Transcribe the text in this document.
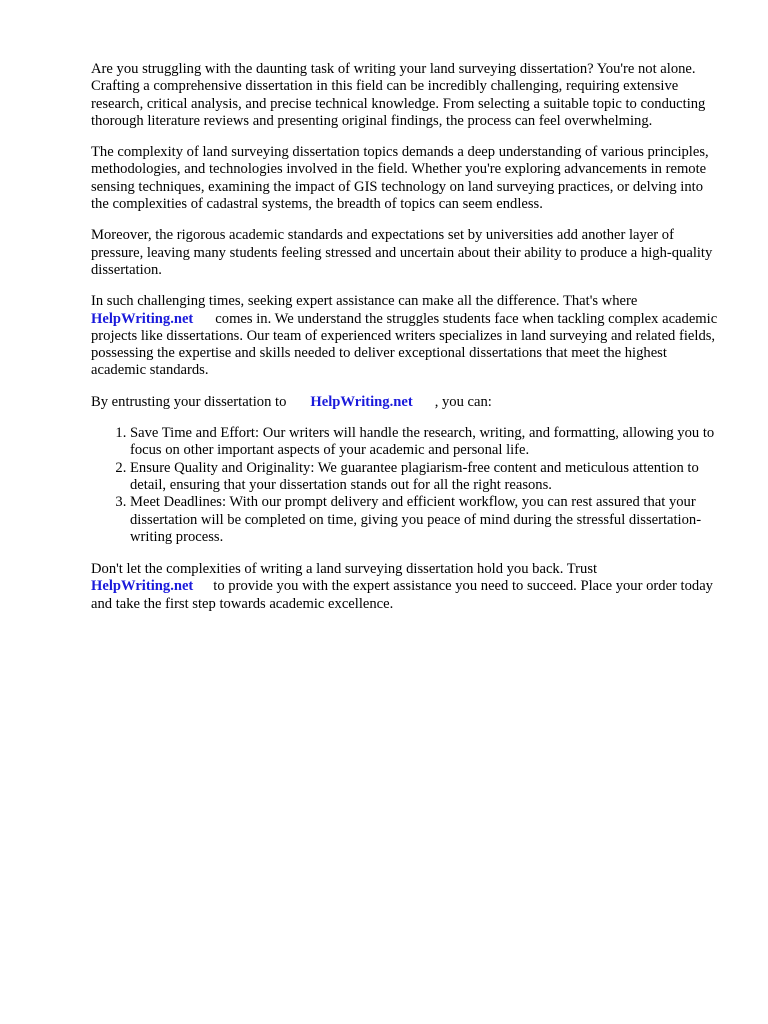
Are you struggling with the daunting task of writing your land surveying dissertation? You're not alone. Crafting a comprehensive dissertation in this field can be incredibly challenging, requiring extensive research, critical analysis, and precise technical knowledge. From selecting a suitable topic to conducting thorough literature reviews and presenting original findings, the process can feel overwhelming.

The complexity of land surveying dissertation topics demands a deep understanding of various principles, methodologies, and technologies involved in the field. Whether you're exploring advancements in remote sensing techniques, examining the impact of GIS technology on land surveying practices, or delving into the complexities of cadastral systems, the breadth of topics can seem endless.

Moreover, the rigorous academic standards and expectations set by universities add another layer of pressure, leaving many students feeling stressed and uncertain about their ability to produce a high-quality dissertation.

In such challenging times, seeking expert assistance can make all the difference. That's where
HelpWriting.net comes in. We understand the struggles students face when tackling complex academic projects like dissertations. Our team of experienced writers specializes in land surveying and related fields, possessing the expertise and skills needed to deliver exceptional dissertations that meet the highest academic standards.

By entrusting your dissertation to HelpWriting.net , you can:

1. Save Time and Effort: Our writers will handle the research, writing, and formatting, allowing you to focus on other important aspects of your academic and personal life.
2. Ensure Quality and Originality: We guarantee plagiarism-free content and meticulous attention to detail, ensuring that your dissertation stands out for all the right reasons.
3. Meet Deadlines: With our prompt delivery and efficient workflow, you can rest assured that your dissertation will be completed on time, giving you peace of mind during the stressful dissertation-writing process.

Don't let the complexities of writing a land surveying dissertation hold you back. Trust
HelpWriting.net to provide you with the expert assistance you need to succeed. Place your order today and take the first step towards academic excellence.
